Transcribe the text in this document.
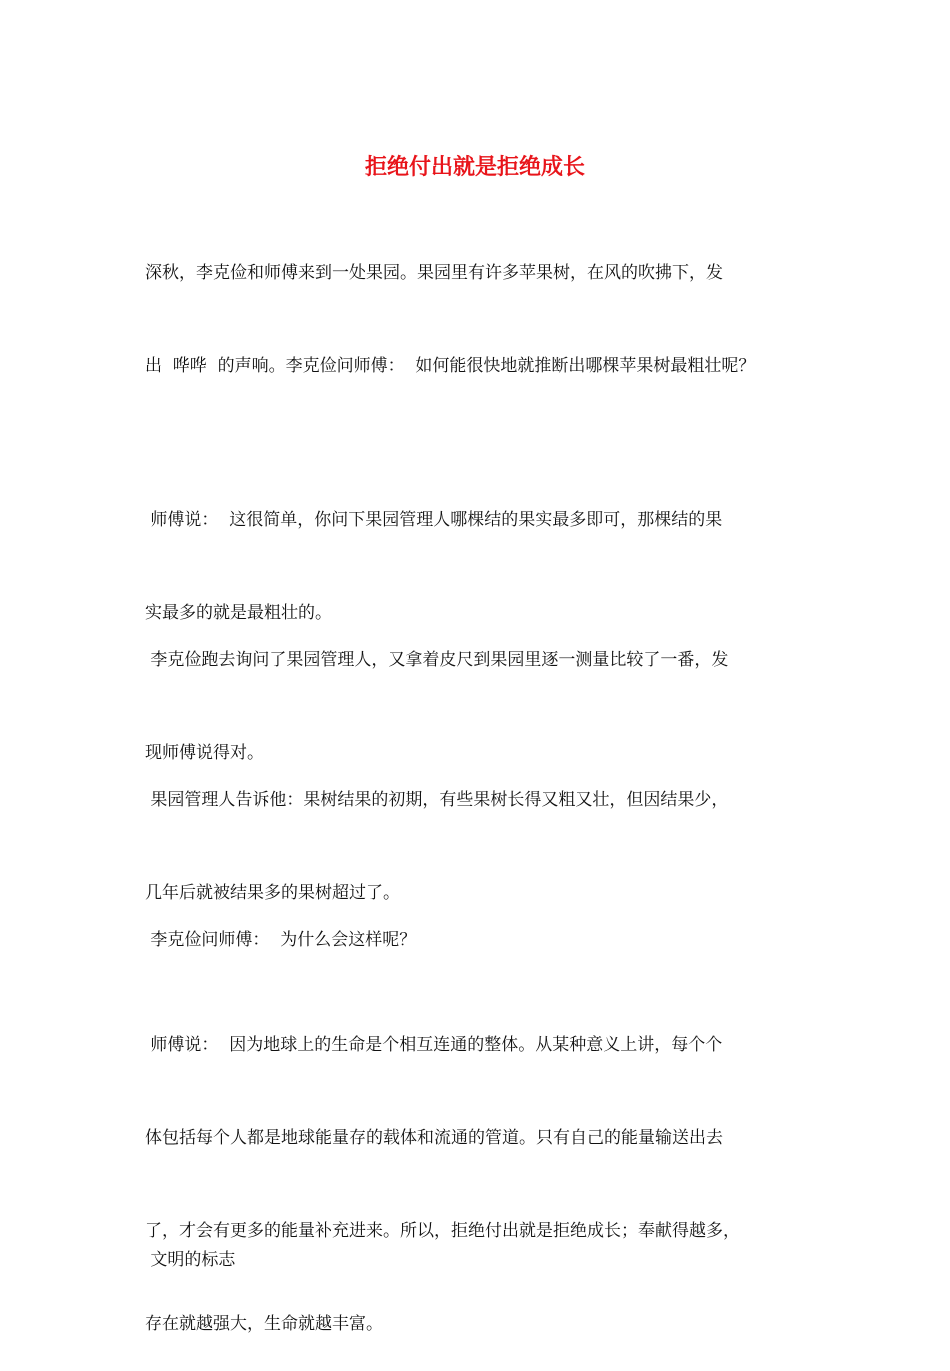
拒绝付出就是拒绝成长

深秋，李克俭和师傅来到一处果园。果园里有许多苹果树，在风的吹拂下，发

出  哗哗  的声响。李克俭问师傅：  如何能很快地就推断出哪棵苹果树最粗壮呢？

师傅说：  这很简单，你问下果园管理人哪棵结的果实最多即可，那棵结的果

实最多的就是最粗壮的。

李克俭跑去询问了果园管理人，又拿着皮尺到果园里逐一测量比较了一番，发

现师傅说得对。

果园管理人告诉他：果树结果的初期，有些果树长得又粗又壮，但因结果少，

几年后就被结果多的果树超过了。

李克俭问师傅：  为什么会这样呢？

师傅说：  因为地球上的生命是个相互连通的整体。从某种意义上讲，每个个

体包括每个人都是地球能量存的载体和流通的管道。只有自己的能量输送出去

了，才会有更多的能量补充进来。所以，拒绝付出就是拒绝成长；奉献得越多，

存在就越强大，生命就越丰富。

文明的标志
